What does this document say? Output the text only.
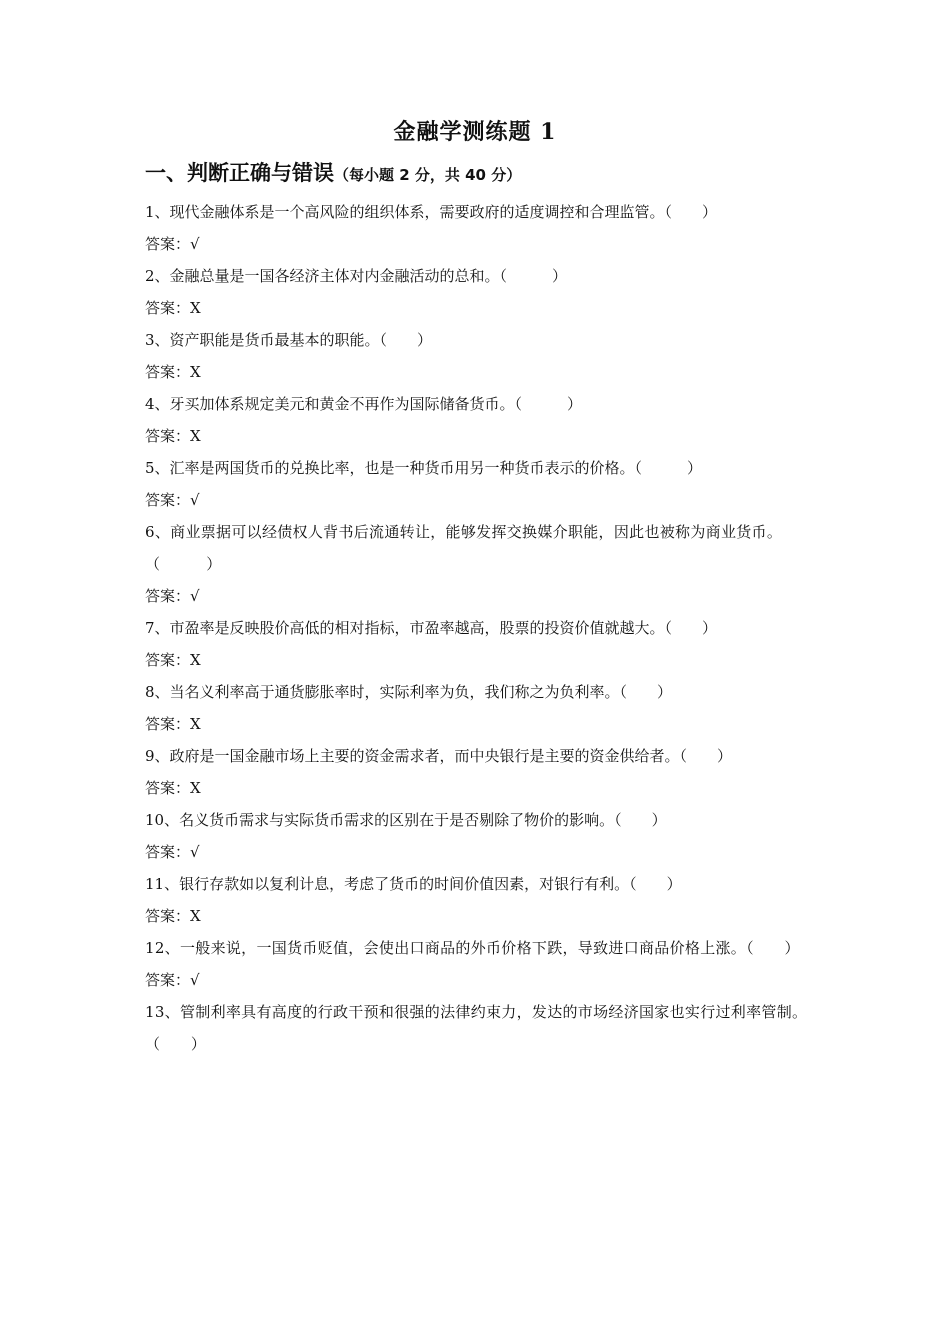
金融学测练题 1
一、判断正确与错误（每小题 2 分，共 40 分）
1、现代金融体系是一个高风险的组织体系，需要政府的适度调控和合理监管。（　　）
答案：√
2、金融总量是一国各经济主体对内金融活动的总和。（　　　）
答案：X
3、资产职能是货币最基本的职能。（　　）
答案：X
4、牙买加体系规定美元和黄金不再作为国际储备货币。（　　　）
答案：X
5、汇率是两国货币的兑换比率，也是一种货币用另一种货币表示的价格。（　　　）
答案：√
6、商业票据可以经债权人背书后流通转让，能够发挥交换媒介职能，因此也被称为商业货币。（　　　）
答案：√
7、市盈率是反映股价高低的相对指标，市盈率越高，股票的投资价值就越大。（　　）
答案：X
8、当名义利率高于通货膨胀率时，实际利率为负，我们称之为负利率。（　　）
答案：X
9、政府是一国金融市场上主要的资金需求者，而中央银行是主要的资金供给者。（　　）
答案：X
10、名义货币需求与实际货币需求的区别在于是否剔除了物价的影响。（　　）
答案：√
11、银行存款如以复利计息，考虑了货币的时间价值因素，对银行有利。（　　）
答案：X
12、一般来说，一国货币贬值，会使出口商品的外币价格下跌，导致进口商品价格上涨。（　　）
答案：√
13、管制利率具有高度的行政干预和很强的法律约束力，发达的市场经济国家也实行过利率管制。（　　）
